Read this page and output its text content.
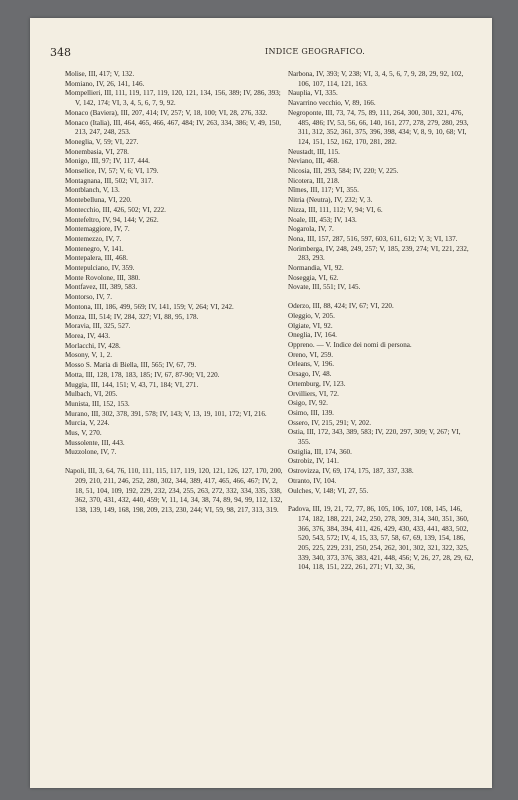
348	INDICE GEOGRAFICO.
Molise, III, 417; V, 132.
Momiano, IV, 26, 141, 146.
Mompellieri, III, 111, 119, 117, 119, 120, 121, 134, 156, 389; IV, 286, 393; V, 142, 174; VI, 3, 4, 5, 6, 7, 9, 92.
Monaco (Baviera), III, 207, 414; IV, 257; V, 18, 100; VI, 28, 276, 332.
Monaco (Italia), III, 464, 465, 466, 467, 484; IV, 263, 334, 386; V, 49, 150, 213, 247, 248, 253.
Moneglia, V, 59; VI, 227.
Monembasia, VI, 278.
Monigo, III, 97; IV, 117, 444.
Monselice, IV, 57; V, 6; VI, 179.
Montagnana, III, 502; VI, 317.
Montblanch, V, 13.
Montebelluna, VI, 220.
Montecchio, III, 426, 502; VI, 222.
Montefeltro, IV, 94, 144; V, 262.
Montemaggiore, IV, 7.
Montemezzo, IV, 7.
Montenegro, V, 141.
Montepalera, III, 468.
Montepulciano, IV, 359.
Monte Rovolone, III, 380.
Montfavez, III, 389, 583.
Montorso, IV, 7.
Montona, III, 186, 499, 569; IV, 141, 159; V, 264; VI, 242.
Monza, III, 514; IV, 284, 327; VI, 88, 95, 178.
Moravia, III, 325, 527.
Morea, IV, 443.
Morlacchi, IV, 428.
Mosony, V, 1, 2.
Mosso S. Maria di Biella, III, 565; IV, 67, 79.
Motta, III, 128, 178, 183, 185; IV, 67, 87-90; VI, 220.
Muggia, III, 144, 151; V, 43, 71, 184; VI, 271.
Mulbach, VI, 205.
Munista, III, 152, 153.
Murano, III, 302, 378, 391, 578; IV, 143; V, 13, 19, 101, 172; VI, 216.
Murcia, V, 224.
Mus, V, 270.
Mussolente, III, 443.
Muzzolone, IV, 7.
Napoli, III, 3, 64, 76, 110, 111, 115, 117, 119, 120, 121, 126, 127, 170, 200, 209, 210, 211, 246, 252, 280, 302, 344, 389, 417, 465, 466, 467; IV, 2, 18, 51, 104, 109, 192, 229, 232, 234, 255, 263, 272, 332, 334, 335, 338, 362, 370, 431, 432, 440, 459; V, 11, 14, 34, 38, 74, 89, 94, 99, 112, 132, 138, 139, 149, 168, 198, 209, 213, 230, 244; VI, 59, 98, 217, 313, 319.
Narbona, IV, 393; V, 238; VI, 3, 4, 5, 6, 7, 9, 28, 29, 92, 102, 106, 107, 114, 121, 163.
Nauplia, VI, 335.
Navarrino vecchio, V, 89, 166.
Negroponte, III, 73, 74, 75, 89, 111, 264, 300, 301, 321, 476, 485, 486; IV, 53, 56, 66, 140, 161, 277, 278, 279, 280, 293, 311, 312, 352, 361, 375, 396, 398, 434; V, 8, 9, 10, 68; VI, 124, 151, 152, 162, 170, 281, 282.
Neustadt, III, 115.
Neviano, III, 468.
Nicosia, III, 293, 584; IV, 220; V, 225.
Nicotera, III, 218.
Nîmes, III, 117; VI, 355.
Nitria (Neutra), IV, 232; V, 3.
Nizza, III, 111, 112; V, 94; VI, 6.
Noale, III, 453; IV, 143.
Nogarola, IV, 7.
Nona, III, 157, 287, 516, 597, 603, 611, 612; V, 3; VI, 137.
Norimberga, IV, 248, 249, 257; V, 185, 239, 274; VI, 221, 232, 283, 293.
Normandia, VI, 92.
Noseggia, VI, 62.
Novate, III, 551; IV, 145.
Oderzo, III, 88, 424; IV, 67; VI, 220.
Oleggio, V, 205.
Olgiate, VI, 92.
Oneglia, IV, 164.
Oppreno. — V. Indice dei nomi di persona.
Oreno, VI, 259.
Orleans, V, 196.
Orsago, IV, 48.
Ortemburg, IV, 123.
Orvilliers, VI, 72.
Osigo, IV, 92.
Osimo, III, 139.
Ossero, IV, 215, 291; V, 202.
Ostia, III, 172, 343, 389, 583; IV, 220, 297, 309; V, 267; VI, 355.
Ostiglia, III, 174, 360.
Ostrobiz, IV, 141.
Ostrovizza, IV, 69, 174, 175, 187, 337, 338.
Otranto, IV, 104.
Oulches, V, 148; VI, 27, 55.
Padova, III, 19, 21, 72, 77, 86, 105, 106, 107, 108, 145, 146, 174, 182, 188, 221, 242, 250, 278, 309, 314, 340, 351, 360, 366, 376, 384, 394, 411, 426, 429, 430, 433, 441, 483, 502, 520, 543, 572; IV, 4, 15, 33, 57, 58, 67, 69, 139, 154, 186, 205, 225, 229, 231, 250, 254, 262, 301, 302, 321, 322, 325, 339, 340, 373, 376, 383, 421, 448, 456; V, 26, 27, 28, 29, 62, 104, 118, 151, 222, 261, 271; VI, 32, 36,
